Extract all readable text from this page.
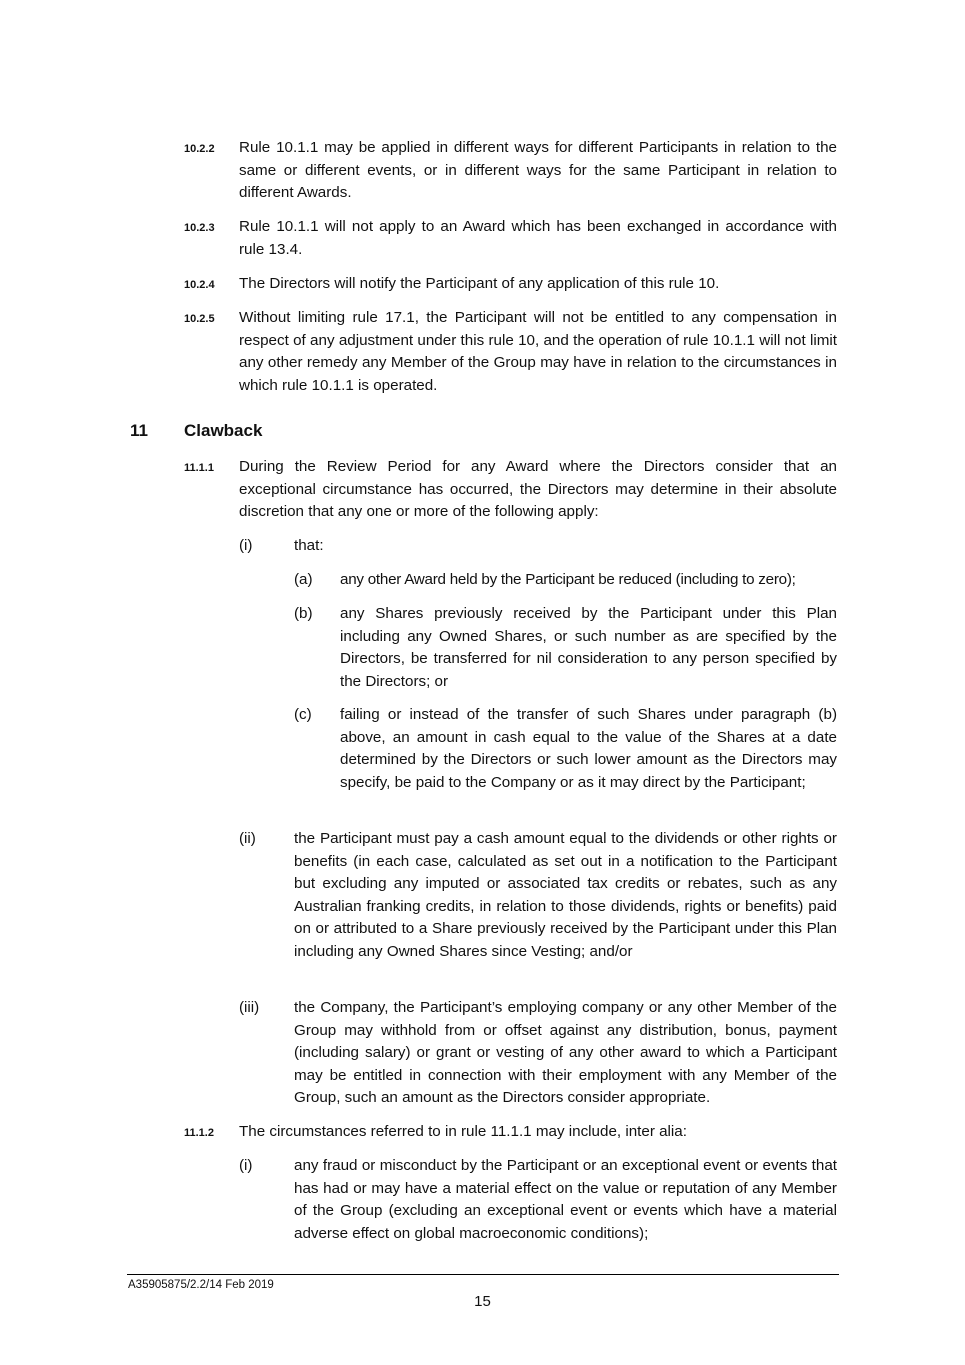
10.2.2 Rule 10.1.1 may be applied in different ways for different Participants in relation to the same or different events, or in different ways for the same Participant in relation to different Awards.
10.2.3 Rule 10.1.1 will not apply to an Award which has been exchanged in accordance with rule 13.4.
10.2.4 The Directors will notify the Participant of any application of this rule 10.
10.2.5 Without limiting rule 17.1, the Participant will not be entitled to any compensation in respect of any adjustment under this rule 10, and the operation of rule 10.1.1 will not limit any other remedy any Member of the Group may have in relation to the circumstances in which rule 10.1.1 is operated.
11 Clawback
11.1.1 During the Review Period for any Award where the Directors consider that an exceptional circumstance has occurred, the Directors may determine in their absolute discretion that any one or more of the following apply:
(i)	that:
(a) any other Award held by the Participant be reduced (including to zero);
(b) any Shares previously received by the Participant under this Plan including any Owned Shares, or such number as are specified by the Directors, be transferred for nil consideration to any person specified by the Directors; or
(c) failing or instead of the transfer of such Shares under paragraph (b) above, an amount in cash equal to the value of the Shares at a date determined by the Directors or such lower amount as the Directors may specify, be paid to the Company or as it may direct by the Participant;
(ii)	the Participant must pay a cash amount equal to the dividends or other rights or benefits (in each case, calculated as set out in a notification to the Participant but excluding any imputed or associated tax credits or rebates, such as any Australian franking credits, in relation to those dividends, rights or benefits) paid on or attributed to a Share previously received by the Participant under this Plan including any Owned Shares since Vesting; and/or
(iii) the Company, the Participant’s employing company or any other Member of the Group may withhold from or offset against any distribution, bonus, payment (including salary) or grant or vesting of any other award to which a Participant may be entitled in connection with their employment with any Member of the Group, such an amount as the Directors consider appropriate.
11.1.2 The circumstances referred to in rule 11.1.1 may include, inter alia:
(i)	any fraud or misconduct by the Participant or an exceptional event or events that has had or may have a material effect on the value or reputation of any Member of the Group (excluding an exceptional event or events which have a material adverse effect on global macroeconomic conditions);
A35905875/2.2/14 Feb 2019
15
